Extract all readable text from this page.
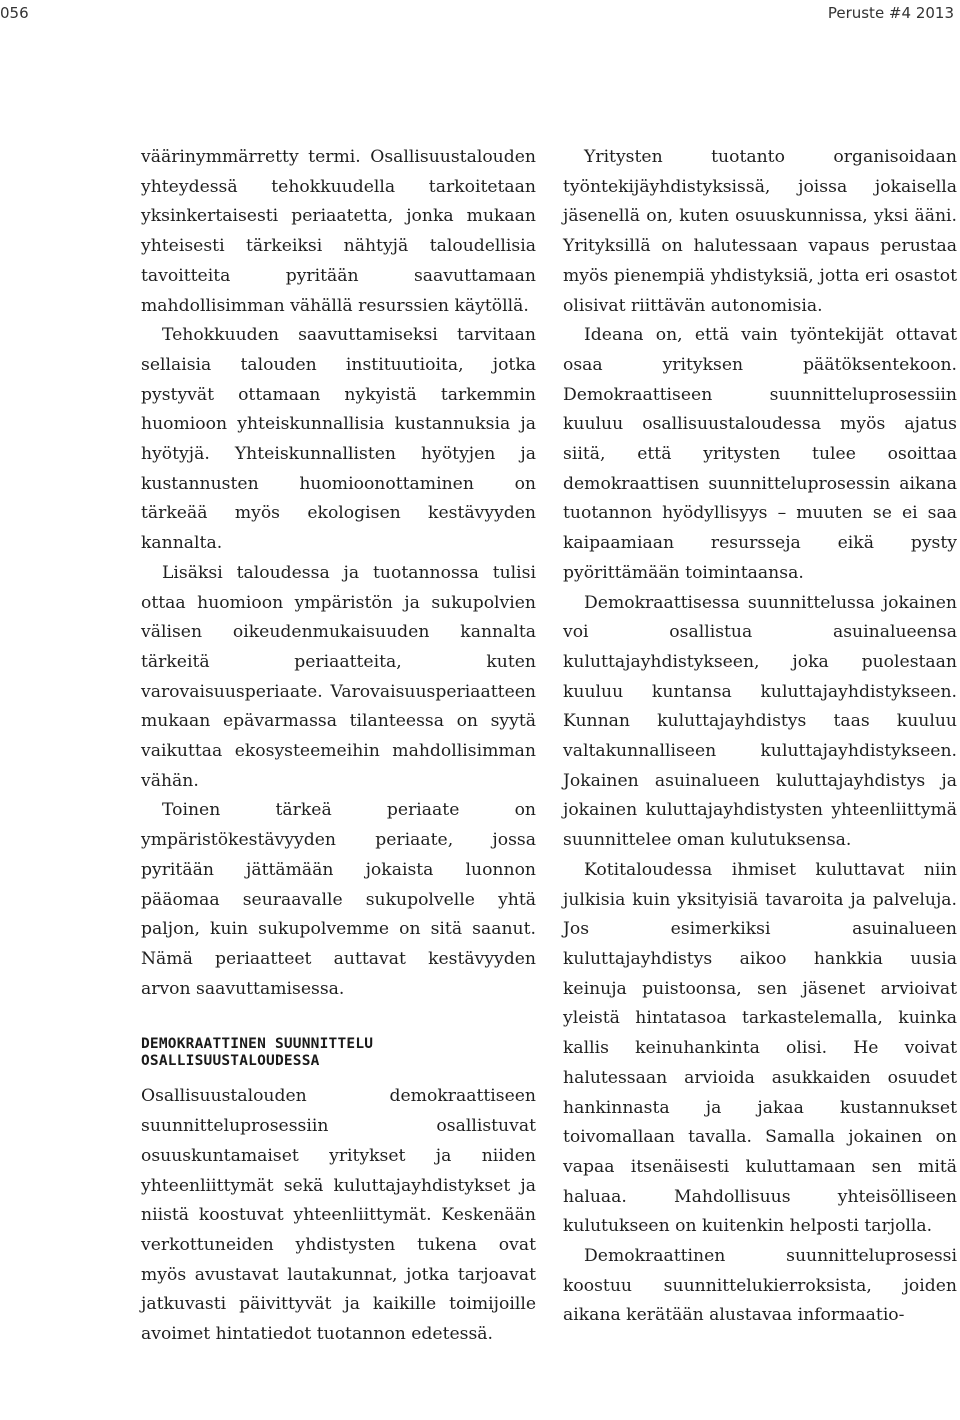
056	Peruste #4 2013

väärinymmärretty termi. Osallisuustalouden yhteydessä tehokkuudella tarkoitetaan yksinkertaisesti periaatetta, jonka mukaan yhteisesti tärkeiksi nähtyjä taloudellisia tavoitteita pyritään saavuttamaan mahdollisimman vähällä resurssien käytöllä.

Tehokkuuden saavuttamiseksi tarvitaan sellaisia talouden instituutioita, jotka pystyvät ottamaan nykyistä tarkemmin huomioon yhteiskunnallisia kustannuksia ja hyötyjä. Yhteiskunnallisten hyötyjen ja kustannusten huomioonottaminen on tärkeää myös ekologisen kestävyyden kannalta.

Lisäksi taloudessa ja tuotannossa tulisi ottaa huomioon ympäristön ja sukupolvien välisen oikeudenmukaisuuden kannalta tärkeitä periaatteita, kuten varovaisuusperiaate. Varovaisuusperiaatteen mukaan epävarmassa tilanteessa on syytä vaikuttaa ekosysteemeihin mahdollisimman vähän.

Toinen tärkeä periaate on ympäristökestävyyden periaate, jossa pyritään jättämään jokaista luonnon pääomaa seuraavalle sukupolvelle yhtä paljon, kuin sukupolvemme on sitä saanut. Nämä periaatteet auttavat kestävyyden arvon saavuttamisessa.

DEMOKRAATTINEN SUUNNITTELU
OSALLISUUSTALOUDESSA

Osallisuustalouden demokraattiseen suunnitteluprosessiin osallistuvat osuuskuntamaiset yritykset ja niiden yhteenliittymät sekä kuluttajayhdistykset ja niistä koostuvat yhteenliittymät. Keskenään verkottuneiden yhdistysten tukena ovat myös avustavat lautakunnat, jotka tarjoavat jatkuvasti päivittyvät ja kaikille toimijoille avoimet hintatiedot tuotannon edetessä.

Yritysten tuotanto organisoidaan työntekijäyhdistyksissä, joissa jokaisella jäsenellä on, kuten osuuskunnissa, yksi ääni. Yrityksillä on halutessaan vapaus perustaa myös pienempiä yhdistyksiä, jotta eri osastot olisivat riittävän autonomisia.

Ideana on, että vain työntekijät ottavat osaa yrityksen päätöksentekoon. Demokraattiseen suunnitteluprosessiin kuuluu osallisuustaloudessa myös ajatus siitä, että yritysten tulee osoittaa demokraattisen suunnitteluprosessin aikana tuotannon hyödyllisyys – muuten se ei saa kaipaamiaan resursseja eikä pysty pyörittämään toimintaansa.

Demokraattisessa suunnittelussa jokainen voi osallistua asuinalueensa kuluttajayhdistykseen, joka puolestaan kuuluu kuntansa kuluttajayhdistykseen. Kunnan kuluttajayhdistys taas kuuluu valtakunnalliseen kuluttajayhdistykseen. Jokainen asuinalueen kuluttajayhdistys ja jokainen kuluttajayhdistysten yhteenliittymä suunnittelee oman kulutuksensa.

Kotitaloudessa ihmiset kuluttavat niin julkisia kuin yksityisiä tavaroita ja palveluja. Jos esimerkiksi asuinalueen kuluttajayhdistys aikoo hankkia uusia keinuja puistoonsa, sen jäsenet arvioivat yleistä hintatasoa tarkastelemalla, kuinka kallis keinuhankinta olisi. He voivat halutessaan arvioida asukkaiden osuudet hankinnasta ja jakaa kustannukset toivomallaan tavalla. Samalla jokainen on vapaa itsenäisesti kuluttamaan sen mitä haluaa. Mahdollisuus yhteisölliseen kulutukseen on kuitenkin helposti tarjolla.

Demokraattinen suunnitteluprosessi koostuu suunnittelukierroksista, joiden aikana kerätään alustavaa informaatio-
